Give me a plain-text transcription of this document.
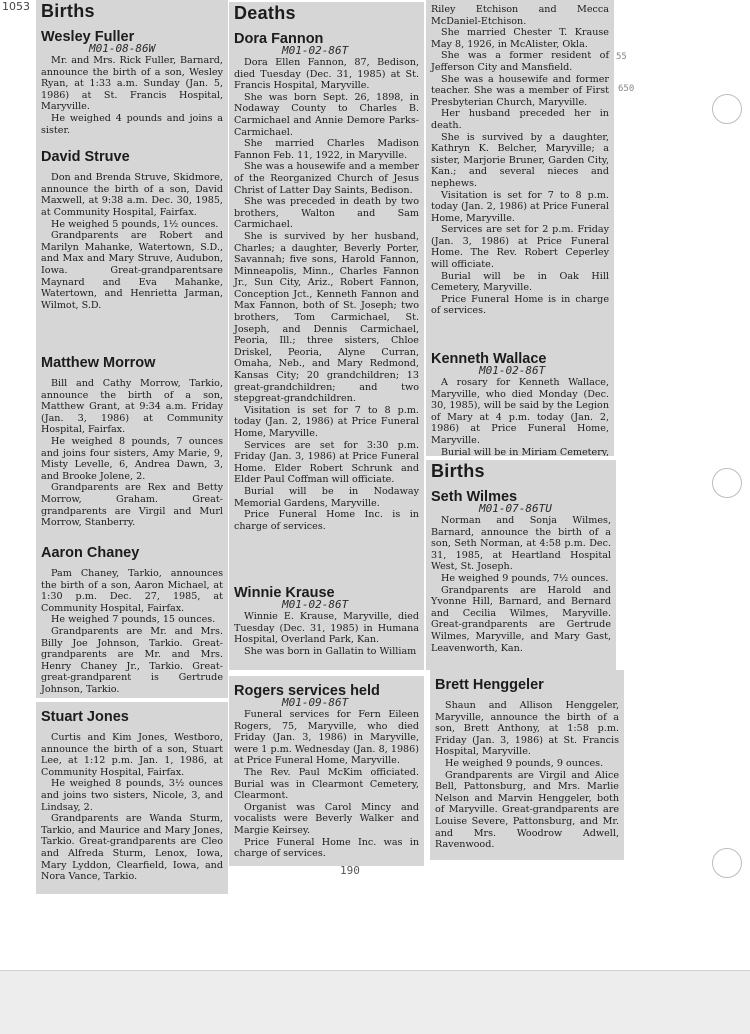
1053
55
650
Births
Wesley Fuller
M01-08-86W

Mr. and Mrs. Rick Fuller, Barnard, announce the birth of a son, Wesley Ryan, at 1:33 a.m. Sunday (Jan. 5, 1986) at St. Francis Hospital, Maryville.

He weighed 4 pounds and joins a sister.

David Struve

Don and Brenda Struve, Skidmore, announce the birth of a son, David Maxwell, at 9:38 a.m. Dec. 30, 1985, at Community Hospital, Fairfax.

He weighed 5 pounds, 1½ ounces.

Grandparents are Robert and Marilyn Mahanke, Watertown, S.D., and Max and Mary Struve, Audubon, Iowa. Great-grandparentsare Maynard and Eva Mahanke, Watertown, and Henrietta Jarman, Wilmot, S.D.

Matthew Morrow

Bill and Cathy Morrow, Tarkio, announce the birth of a son, Matthew Grant, at 9:34 a.m. Friday (Jan. 3, 1986) at Community Hospital, Fairfax.

He weighed 8 pounds, 7 ounces and joins four sisters, Amy Marie, 9, Misty Levelle, 6, Andrea Dawn, 3, and Brooke Jolene, 2.

Grandparents are Rex and Betty Morrow, Graham. Great-grandparents are Virgil and Murl Morrow, Stanberry.

Aaron Chaney

Pam Chaney, Tarkio, announces the birth of a son, Aaron Michael, at 1:30 p.m. Dec. 27, 1985, at Community Hospital, Fairfax.

He weighed 7 pounds, 15 ounces.

Grandparents are Mr. and Mrs. Billy Joe Johnson, Tarkio. Great-grandparents are Mr. and Mrs. Henry Chaney Jr., Tarkio. Great-great-grandparent is Gertrude Johnson, Tarkio.

Stuart Jones

Curtis and Kim Jones, Westboro, announce the birth of a son, Stuart Lee, at 1:12 p.m. Jan. 1, 1986, at Community Hospital, Fairfax.

He weighed 8 pounds, 3½ ounces and joins two sisters, Nicole, 3, and Lindsay, 2.

Grandparents are Wanda Sturm, Tarkio, and Maurice and Mary Jones, Tarkio. Great-grandparents are Cleo and Alfreda Sturm, Lenox, Iowa, Mary Lyddon, Clearfield, Iowa, and Nora Vance, Tarkio.

Deaths
Dora Fannon
M01-02-86T

Dora Ellen Fannon, 87, Bedison, died Tuesday (Dec. 31, 1985) at St. Francis Hospital, Maryville.

She was born Sept. 26, 1898, in Nodaway County to Charles B. Carmichael and Annie Demore Parks-Carmichael.

She married Charles Madison Fannon Feb. 11, 1922, in Maryville.

She was a housewife and a member of the Reorganized Church of Jesus Christ of Latter Day Saints, Bedison.

She was preceded in death by two brothers, Walton and Sam Carmichael.

She is survived by her husband, Charles; a daughter, Beverly Porter, Savannah; five sons, Harold Fannon, Minneapolis, Minn., Charles Fannon Jr., Sun City, Ariz., Robert Fannon, Conception Jct., Kenneth Fannon and Max Fannon, both of St. Joseph; two brothers, Tom Carmichael, St. Joseph, and Dennis Carmichael, Peoria, Ill.; three sisters, Chloe Driskel, Peoria, Alyne Curran, Omaha, Neb., and Mary Redmond, Kansas City; 20 grandchildren; 13 great-grandchildren; and two stepgreat-grandchildren.

Visitation is set for 7 to 8 p.m. today (Jan. 2, 1986) at Price Funeral Home, Maryville.

Services are set for 3:30 p.m. Friday (Jan. 3, 1986) at Price Funeral Home. Elder Robert Schrunk and Elder Paul Coffman will officiate.

Burial will be in Nodaway Memorial Gardens, Maryville.

Price Funeral Home Inc. is in charge of services.

Winnie Krause
M01-02-86T

Winnie E. Krause, Maryville, died Tuesday (Dec. 31, 1985) in Humana Hospital, Overland Park, Kan.

She was born in Gallatin to William

Rogers services held
M01-09-86T

Funeral services for Fern Eileen Rogers, 75, Maryville, who died Friday (Jan. 3, 1986) in Maryville, were 1 p.m. Wednesday (Jan. 8, 1986) at Price Funeral Home, Maryville.

The Rev. Paul McKim officiated. Burial was in Clearmont Cemetery, Clearmont.

Organist was Carol Mincy and vocalists were Beverly Walker and Margie Keirsey.

Price Funeral Home Inc. was in charge of services.

Riley Etchison and Mecca McDaniel-Etchison.

She married Chester T. Krause May 8, 1926, in McAlister, Okla.

She was a former resident of Jefferson City and Mansfield.

She was a housewife and former teacher. She was a member of First Presbyterian Church, Maryville.

Her husband preceded her in death.

She is survived by a daughter, Kathryn K. Belcher, Maryville; a sister, Marjorie Bruner, Garden City, Kan.; and several nieces and nephews.

Visitation is set for 7 to 8 p.m. today (Jan. 2, 1986) at Price Funeral Home, Maryville.

Services are set for 2 p.m. Friday (Jan. 3, 1986) at Price Funeral Home. The Rev. Robert Ceperley will officiate.

Burial will be in Oak Hill Cemetery, Maryville.

Price Funeral Home is in charge of services.

Kenneth Wallace
M01-02-86T

A rosary for Kenneth Wallace, Maryville, who died Monday (Dec. 30, 1985), will be said by the Legion of Mary at 4 p.m. today (Jan. 2, 1986) at Price Funeral Home, Maryville.

Burial will be in Miriam Cemetery,

Births
Seth Wilmes
M01-07-86TU

Norman and Sonja Wilmes, Barnard, announce the birth of a son, Seth Norman, at 4:58 p.m. Dec. 31, 1985, at Heartland Hospital West, St. Joseph.

He weighed 9 pounds, 7½ ounces.

Grandparents are Harold and Yvonne Hill, Barnard, and Bernard and Cecilia Wilmes, Maryville. Great-grandparents are Gertrude Wilmes, Maryville, and Mary Gast, Leavenworth, Kan.

Brett Henggeler

Shaun and Allison Henggeler, Maryville, announce the birth of a son, Brett Anthony, at 1:58 p.m. Friday (Jan. 3, 1986) at St. Francis Hospital, Maryville.

He weighed 9 pounds, 9 ounces.

Grandparents are Virgil and Alice Bell, Pattonsburg, and Mrs. Marlie Nelson and Marvin Henggeler, both of Maryville. Great-grandparents are Louise Severe, Pattonsburg, and Mr. and Mrs. Woodrow Adwell, Ravenwood.

190
